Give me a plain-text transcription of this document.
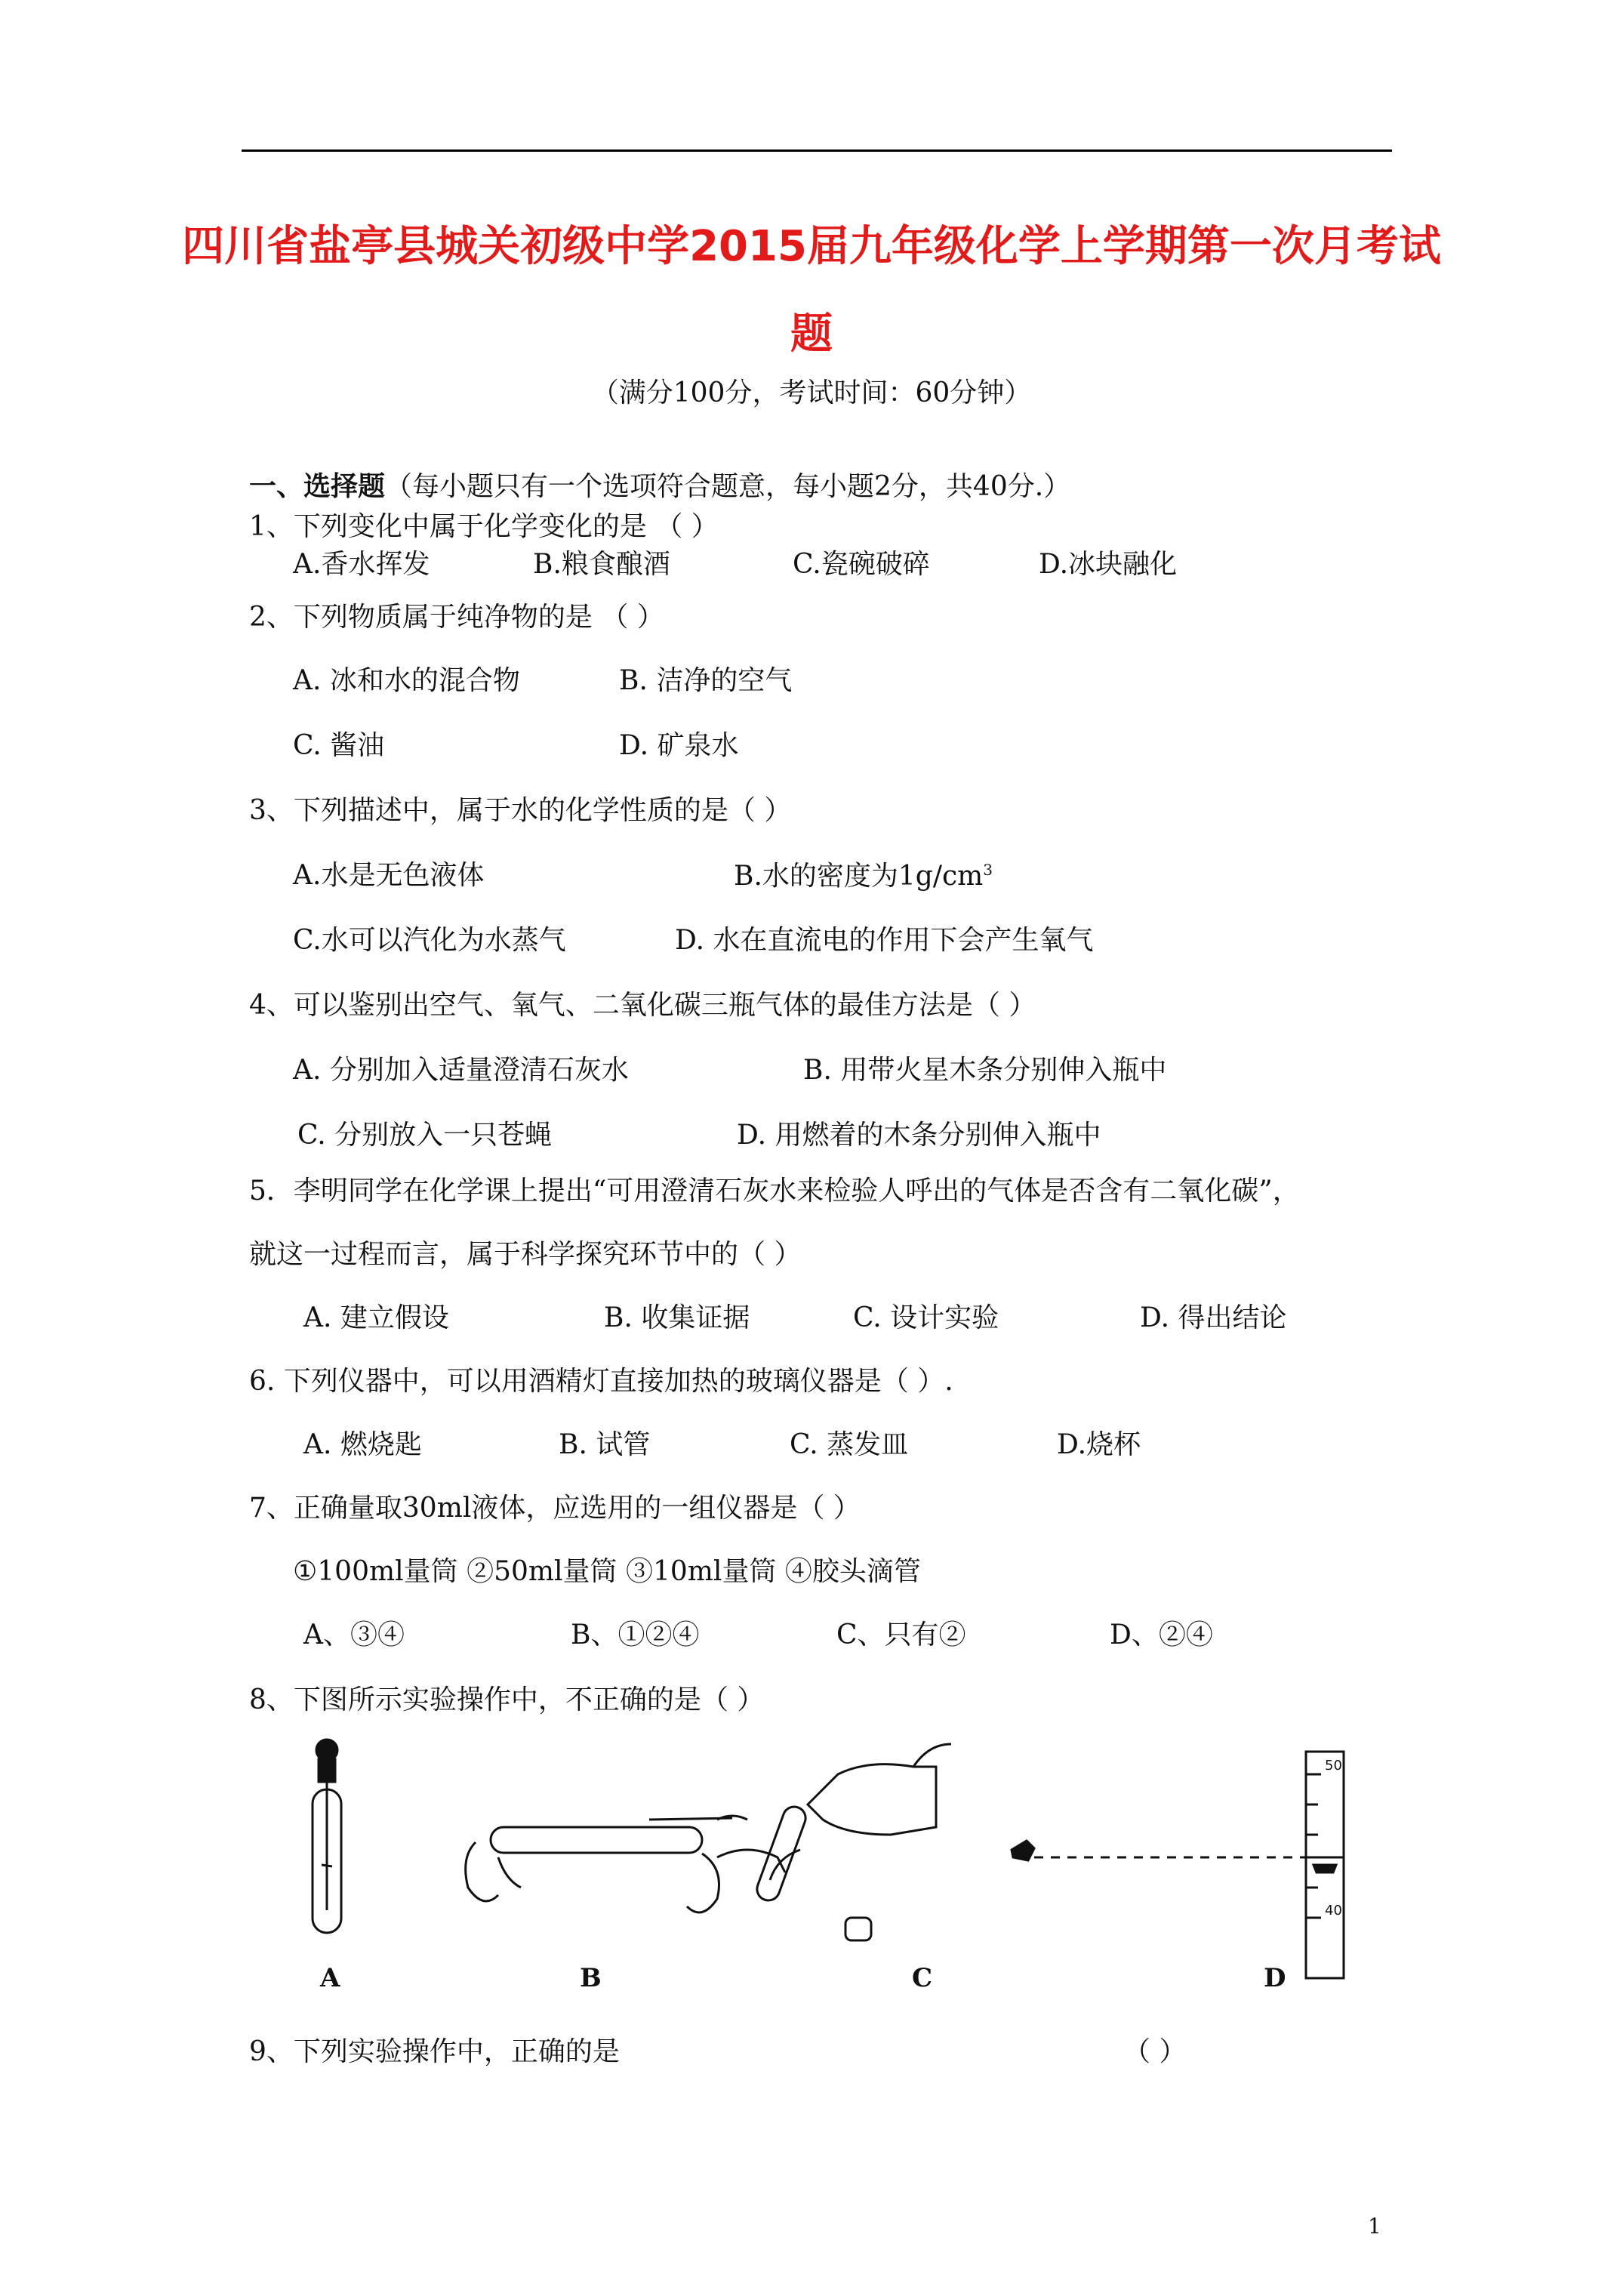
四川省盐亭县城关初级中学2015届九年级化学上学期第一次月考试
题
（满分100分，考试时间：60分钟）
一、选择题（每小题只有一个选项符合题意，每小题2分，共40分.）
1、下列变化中属于化学变化的是 （ ）
A.香水挥发	B.粮食酿酒	C.瓷碗破碎	D.冰块融化
2、下列物质属于纯净物的是 （ ）
A. 冰和水的混合物	B. 洁净的空气
C. 酱油	D. 矿泉水
3、下列描述中，属于水的化学性质的是（ ）
A.水是无色液体	B.水的密度为$1g/cm^3$
C.水可以汽化为水蒸气	D. 水在直流电的作用下会产生氧气
4、可以鉴别出空气、氧气、二氧化碳三瓶气体的最佳方法是（ ）
A. 分别加入适量澄清石灰水	B. 用带火星木条分别伸入瓶中
C. 分别放入一只苍蝇	D. 用燃着的木条分别伸入瓶中
5．李明同学在化学课上提出“可用澄清石灰水来检验人呼出的气体是否含有二氧化碳”，
就这一过程而言，属于科学探究环节中的（ ）
A. 建立假设	B. 收集证据	C. 设计实验	D. 得出结论
6. 下列仪器中，可以用酒精灯直接加热的玻璃仪器是（ ）.
A. 燃烧匙	B. 试管	C. 蒸发皿	D.烧杯
7、正确量取30ml液体，应选用的一组仪器是（ ）
①100ml量筒 ②50ml量筒 ③10ml量筒 ④胶头滴管
A、③④	B、①②④	C、只有②	D、②④
8、下图所示实验操作中，不正确的是（ ）
50
40
A	B	C	D
9、下列实验操作中，正确的是	（ ）
1
